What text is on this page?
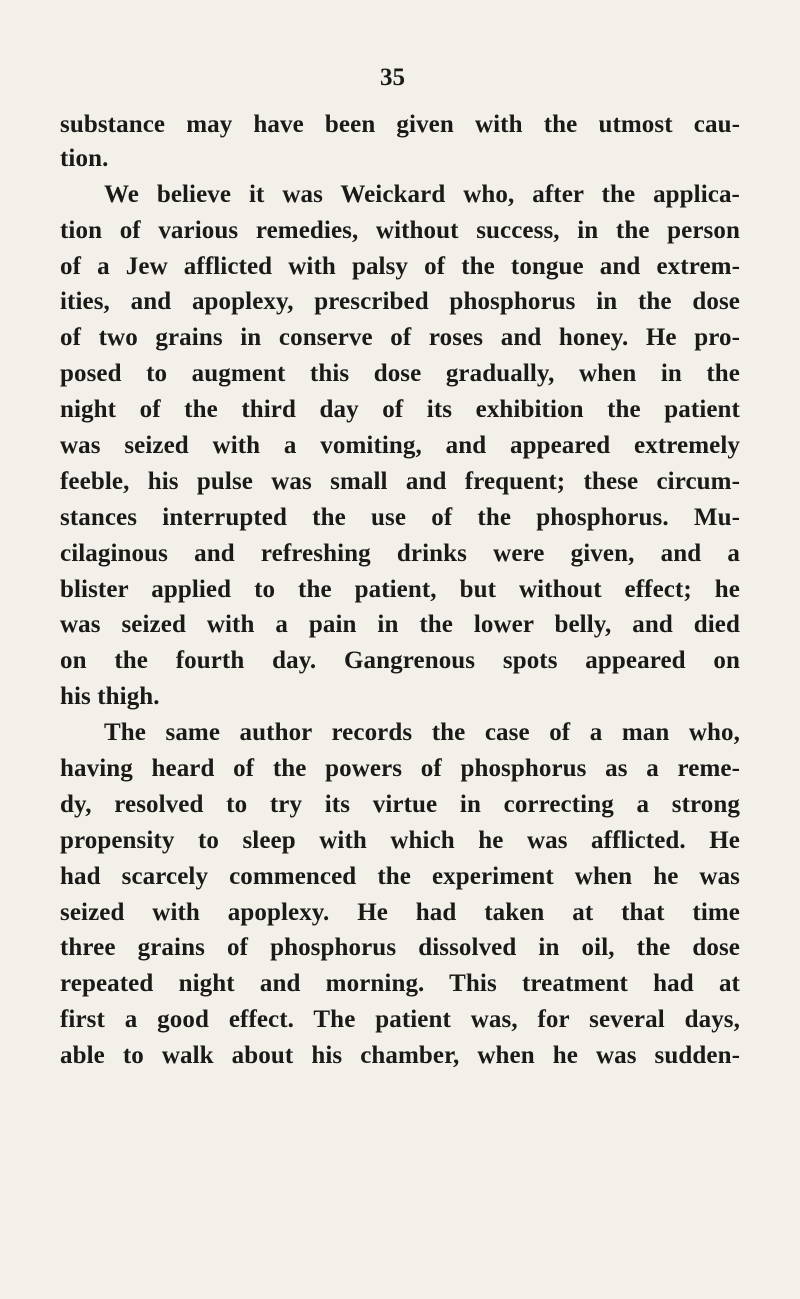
35
substance may have been given with the utmost cau-
tion.
We believe it was Weickard who, after the applica-
tion of various remedies, without success, in the person
of a Jew afflicted with palsy of the tongue and extrem-
ities, and apoplexy, prescribed phosphorus in the dose
of two grains in conserve of roses and honey. He pro-
posed to augment this dose gradually, when in the
night of the third day of its exhibition the patient
was seized with a vomiting, and appeared extremely
feeble, his pulse was small and frequent; these circum-
stances interrupted the use of the phosphorus. Mu-
cilaginous and refreshing drinks were given, and a
blister applied to the patient, but without effect; he
was seized with a pain in the lower belly, and died
on the fourth day. Gangrenous spots appeared on
his thigh.
The same author records the case of a man who,
having heard of the powers of phosphorus as a reme-
dy, resolved to try its virtue in correcting a strong
propensity to sleep with which he was afflicted. He
had scarcely commenced the experiment when he was
seized with apoplexy. He had taken at that time
three grains of phosphorus dissolved in oil, the dose
repeated night and morning. This treatment had at
first a good effect. The patient was, for several days,
able to walk about his chamber, when he was sudden-
